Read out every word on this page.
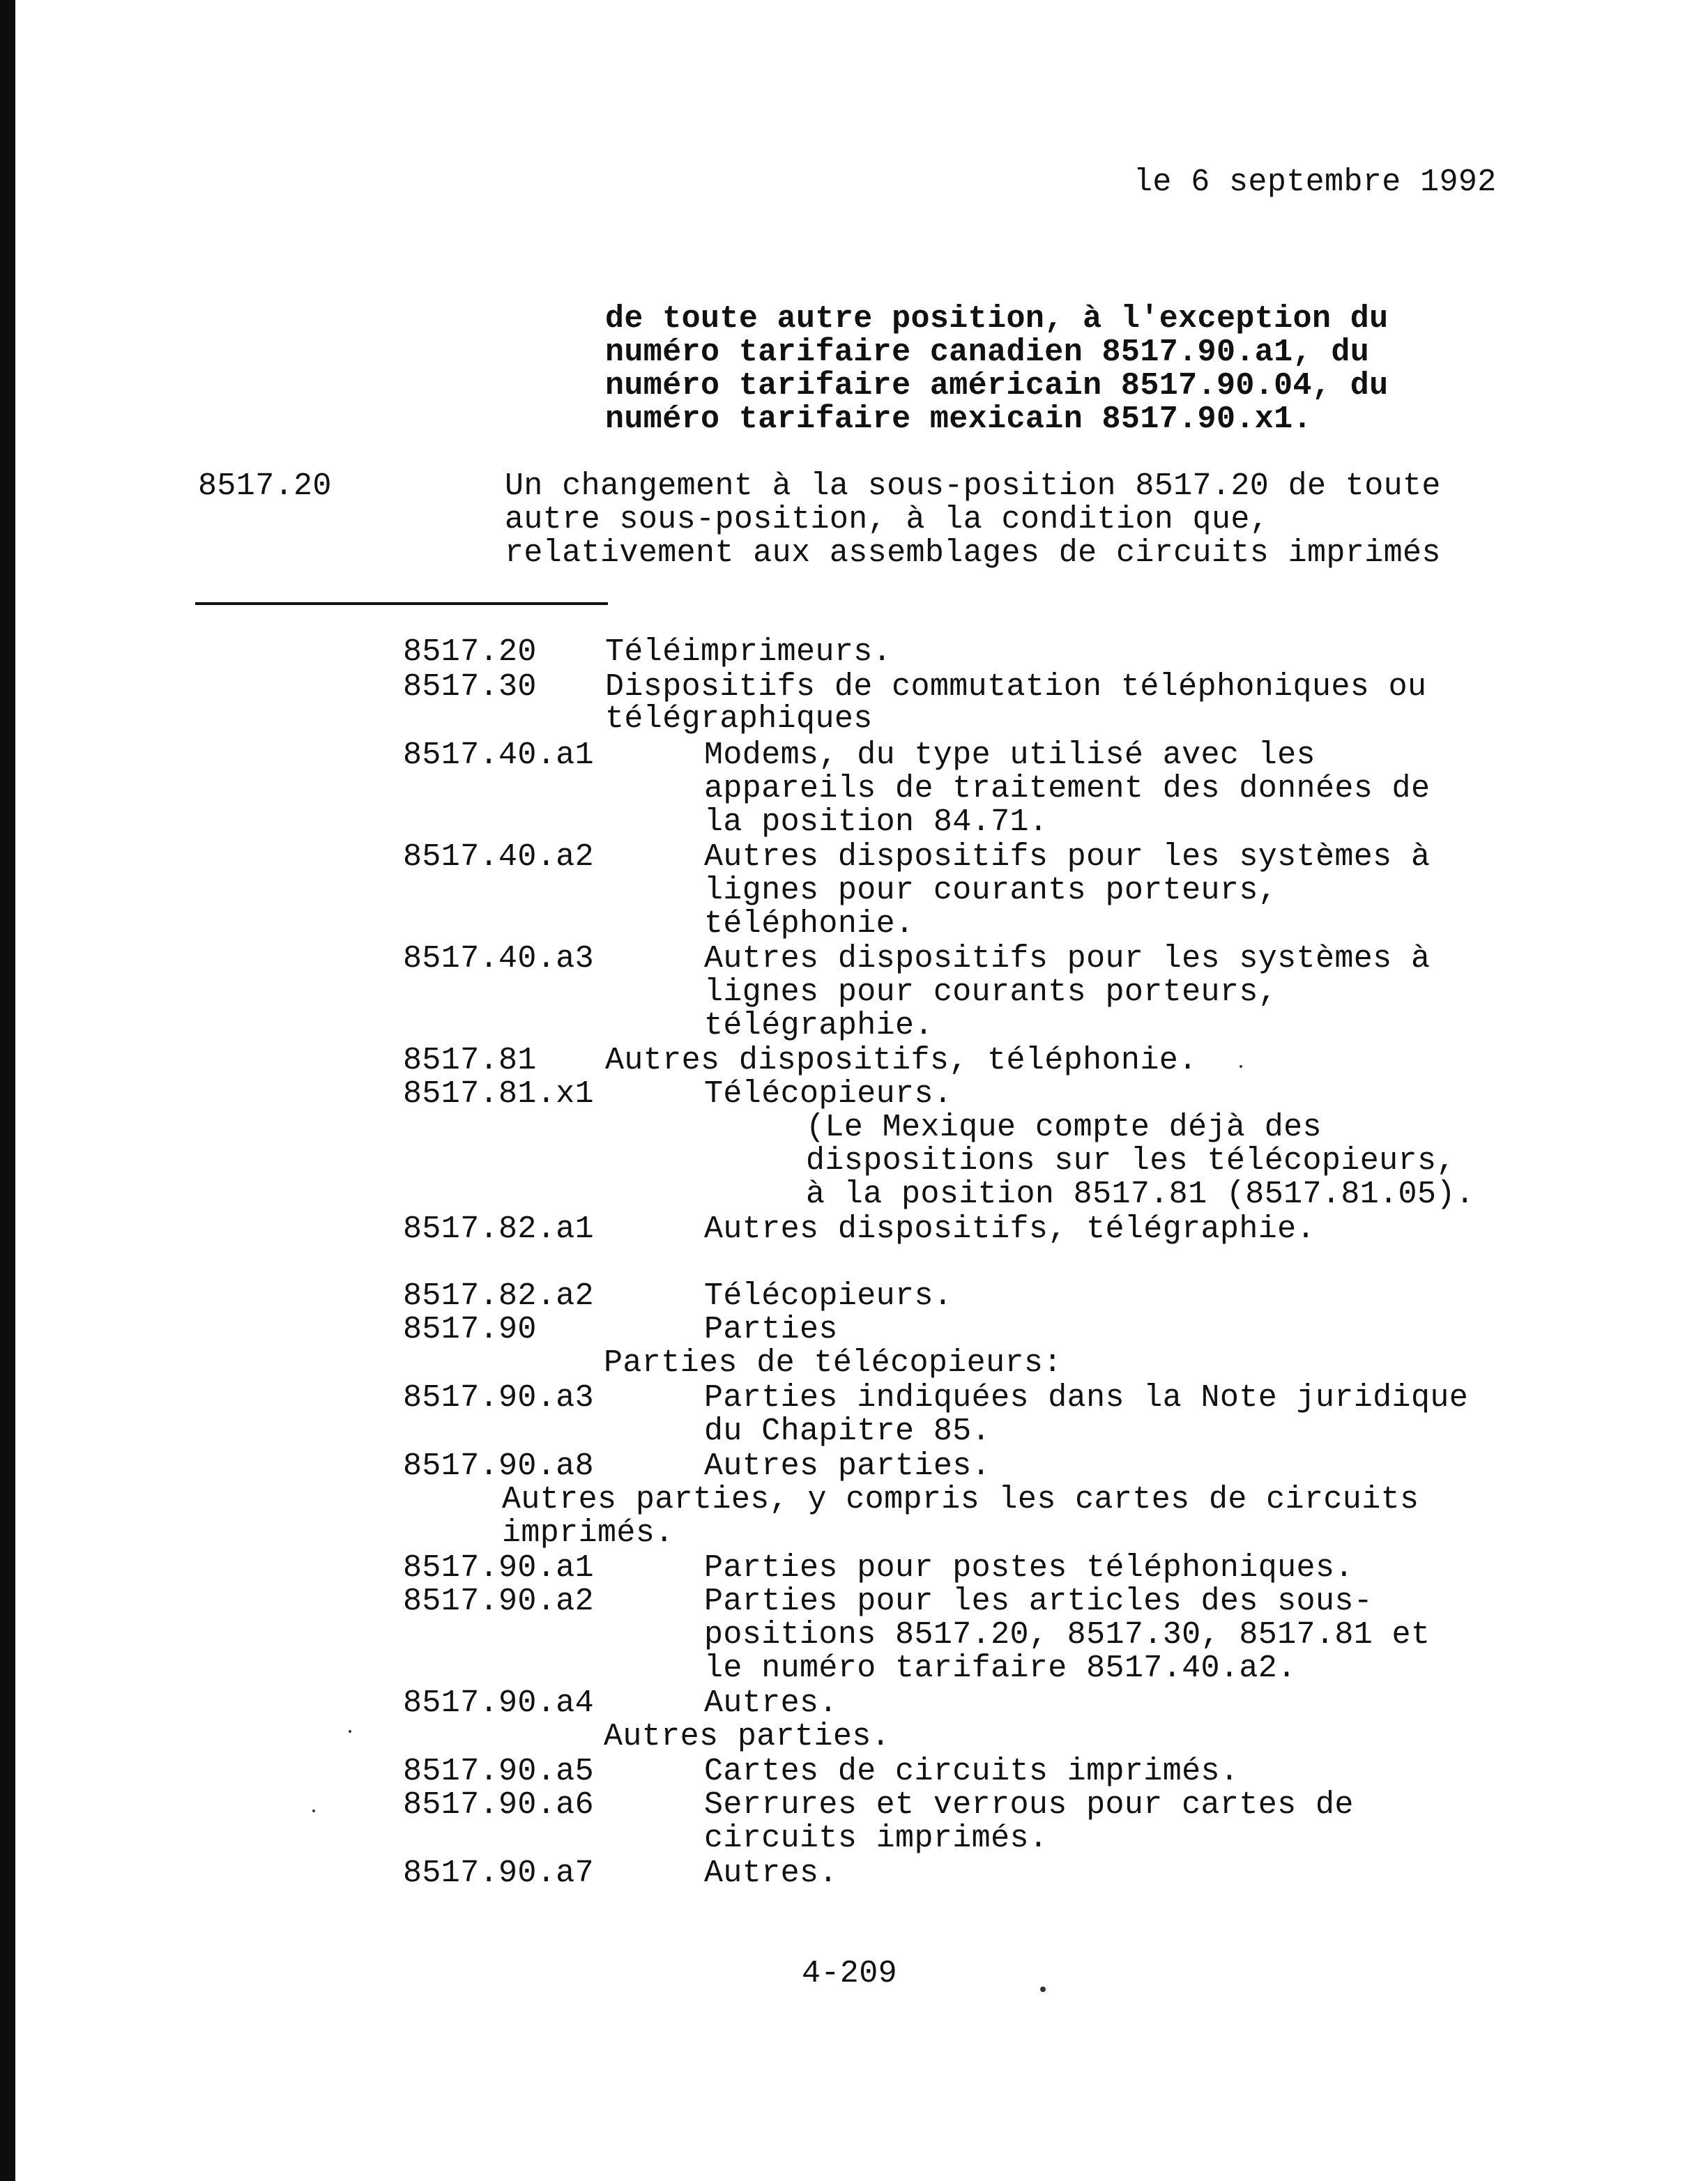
le 6 septembre 1992
de toute autre position, à l'exception du
numéro tarifaire canadien 8517.90.a1, du
numéro tarifaire américain 8517.90.04, du
numéro tarifaire mexicain 8517.90.x1.
8517.20	Un changement à la sous-position 8517.20 de toute
autre sous-position, à la condition que,
relativement aux assemblages de circuits imprimés
8517.20 Téléimprimeurs.
8517.30 Dispositifs de commutation téléphoniques ou
télégraphiques
8517.40.a1	Modems, du type utilisé avec les
appareils de traitement des données de
la position 84.71.
8517.40.a2	Autres dispositifs pour les systèmes à
lignes pour courants porteurs,
téléphonie.
8517.40.a3	Autres dispositifs pour les systèmes à
lignes pour courants porteurs,
télégraphie.
8517.81 Autres dispositifs, téléphonie.
8517.81.x1	Télécopieurs.
(Le Mexique compte déjà des
dispositions sur les télécopieurs,
à la position 8517.81 (8517.81.05).
8517.82.a1	Autres dispositifs, télégraphie.
8517.82.a2	Télécopieurs.
8517.90	Parties
Parties de télécopieurs:
8517.90.a3	Parties indiquées dans la Note juridique
du Chapitre 85.
8517.90.a8	Autres parties.
Autres parties, y compris les cartes de circuits
imprimés.
8517.90.a1	Parties pour postes téléphoniques.
8517.90.a2	Parties pour les articles des sous-
positions 8517.20, 8517.30, 8517.81 et
le numéro tarifaire 8517.40.a2.
8517.90.a4	Autres.
Autres parties.
8517.90.a5	Cartes de circuits imprimés.
8517.90.a6	Serrures et verrous pour cartes de
circuits imprimés.
8517.90.a7	Autres.
4-209
